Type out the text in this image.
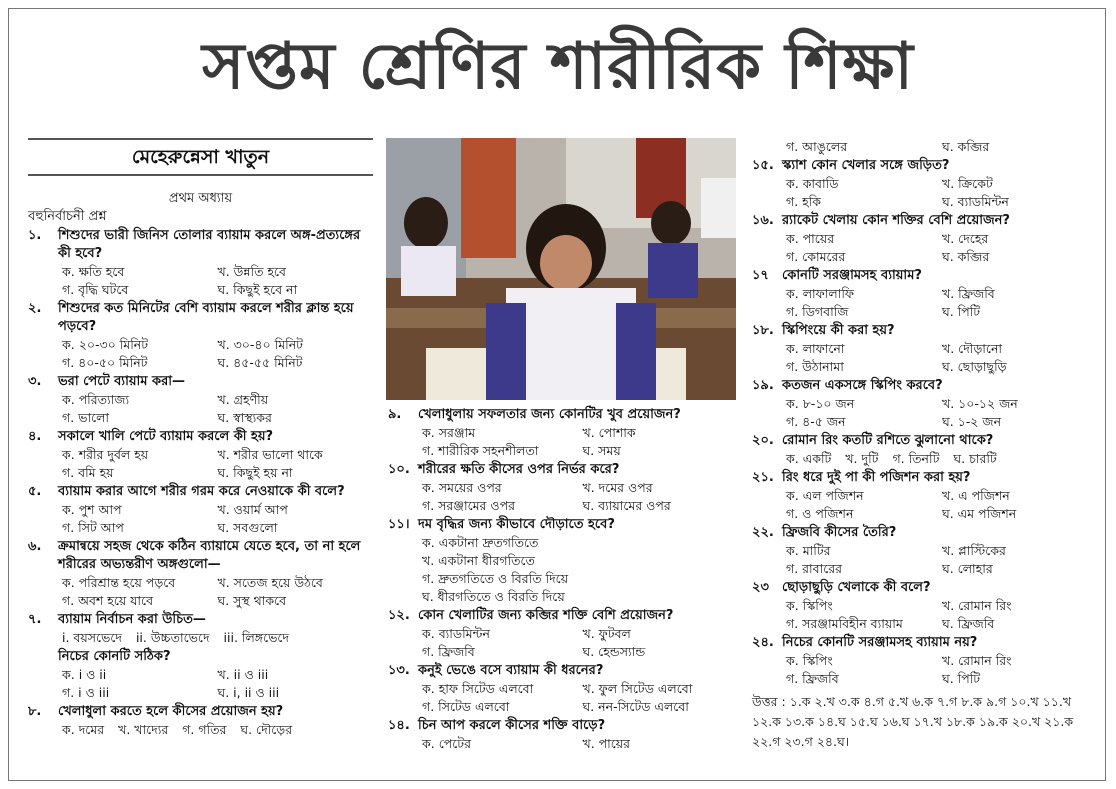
সপ্তম শ্রেণির শারীরিক শিক্ষা
মেহেরুন্নেসা খাতুন
প্রথম অধ্যায়
বহুনির্বাচনী প্রশ্ন
১.	শিশুদের ভারী জিনিস তোলার ব্যায়াম করলে অঙ্গ-প্রত্যঙ্গের কী হবে?
ক. ক্ষতি হবে	খ. উন্নতি হবে
গ. বৃদ্ধি ঘটবে	ঘ. কিছুই হবে না
২.	শিশুদের কত মিনিটের বেশি ব্যায়াম করলে শরীর ক্লান্ত হয়ে পড়বে?
ক. ২০-৩০ মিনিট	খ. ৩০-৪০ মিনিট
গ. ৪০-৫০ মিনিট	ঘ. ৪৫-৫৫ মিনিট
৩.	ভরা পেটে ব্যায়াম করা—
ক. পরিত্যাজ্য	খ. গ্রহণীয়
গ. ভালো	ঘ. স্বাস্থ্যকর
৪.	সকালে খালি পেটে ব্যায়াম করলে কী হয়?
ক. শরীর দুর্বল হয়	খ. শরীর ভালো থাকে
গ. বমি হয়	ঘ. কিছুই হয় না
৫.	ব্যায়াম করার আগে শরীর গরম করে নেওয়াকে কী বলে?
ক. পুশ আপ	খ. ওয়ার্ম আপ
গ. সিট আপ	ঘ. সবগুলো
৬.	ক্রমান্বয়ে সহজ থেকে কঠিন ব্যায়ামে যেতে হবে, তা না হলে শরীরের অভ্যন্তরীণ অঙ্গগুলো—
ক. পরিশ্রান্ত হয়ে পড়বে	খ. সতেজ হয়ে উঠবে
গ. অবশ হয়ে যাবে	ঘ. সুস্থ থাকবে
৭.	ব্যায়াম নির্বাচন করা উচিত—
i. বয়সভেদে ii. উচ্চতাভেদে iii. লিঙ্গভেদে
নিচের কোনটি সঠিক?
ক. i ও ii	খ. ii ও iii
গ. i ও iii	ঘ. i, ii ও iii
৮.	খেলাধুলা করতে হলে কীসের প্রয়োজন হয়?
ক. দমের খ. খাদ্যের গ. গতির ঘ. দৌড়ের
৯.	খেলাধুলায় সফলতার জন্য কোনটির খুব প্রয়োজন?
ক. সরঞ্জাম	খ. পোশাক
গ. শারীরিক সহনশীলতা	ঘ. সময়
১০. শরীরের ক্ষতি কীসের ওপর নির্ভর করে?
ক. সময়ের ওপর	খ. দমের ওপর
গ. সরঞ্জামের ওপর	ঘ. ব্যায়ামের ওপর
১১। দম বৃদ্ধির জন্য কীভাবে দৌড়াতে হবে?
ক. একটানা দ্রুতগতিতে
খ. একটানা ধীরগতিতে
গ. দ্রুতগতিতে ও বিরতি দিয়ে
ঘ. ধীরগতিতে ও বিরতি দিয়ে
১২. কোন খেলাটির জন্য কব্জির শক্তি বেশি প্রয়োজন?
ক. ব্যাডমিন্টন	খ. ফুটবল
গ. ফ্রিজবি	ঘ. হেন্ডস্যান্ড
১৩. কনুই ভেঙে বসে ব্যায়াম কী ধরনের?
ক. হাফ সিটেড এলবো	খ. ফুল সিটেড এলবো
গ. সিটেড এলবো	ঘ. নন-সিটেড এলবো
১৪. চিন আপ করলে কীসের শক্তি বাড়ে?
ক. পেটের	খ. পায়ের
গ. আঙুলের	ঘ. কব্জির
১৫. স্ক্যাশ কোন খেলার সঙ্গে জড়িত?
ক. কাবাডি	খ. ক্রিকেট
গ. হকি	ঘ. ব্যাডমিন্টন
১৬. র‍্যাকেট খেলায় কোন শক্তির বেশি প্রয়োজন?
ক. পায়ের	খ. দেহের
গ. কোমরের	ঘ. কব্জির
১৭	কোনটি সরঞ্জামসহ ব্যায়াম?
ক. লাফালাফি	খ. ফ্রিজবি
গ. ডিগবাজি	ঘ. পিটি
১৮. স্কিপিংয়ে কী করা হয়?
ক. লাফানো	খ. দৌড়ানো
গ. উঠানামা	ঘ. ছোড়াছুড়ি
১৯. কতজন একসঙ্গে স্কিপিং করবে?
ক. ৮-১০ জন	খ. ১০-১২ জন
গ. ৪-৫ জন	ঘ. ১-২ জন
২০. রোমান রিং কতটি রশিতে ঝুলানো থাকে?
ক. একটি খ. দুটি গ. তিনটি ঘ. চারটি
২১. রিং ধরে দুই পা কী পজিশন করা হয়?
ক. এল পজিশন	খ. এ পজিশন
গ. ও পজিশন	ঘ. এম পজিশন
২২. ফ্রিজবি কীসের তৈরি?
ক. মাটির	খ. প্লাস্টিকের
গ. রাবারের	ঘ. লোহার
২৩	ছোড়াছুড়ি খেলাকে কী বলে?
ক. স্কিপিং	খ. রোমান রিং
গ. সরঞ্জামবিহীন ব্যায়াম	ঘ. ফ্রিজবি
২৪. নিচের কোনটি সরঞ্জামসহ ব্যায়াম নয়?
ক. স্কিপিং	খ. রোমান রিং
গ. ফ্রিজবি	ঘ. পিটি
উত্তর : ১.ক ২.খ ৩.ক ৪.গ ৫.খ ৬.ক ৭.গ ৮.ক ৯.গ ১০.খ ১১.খ ১২.ক ১৩.ক ১৪.ঘ ১৫.ঘ ১৬.ঘ ১৭.খ ১৮.ক ১৯.ক ২০.খ ২১.ক ২২.গ ২৩.গ ২৪.ঘ।
